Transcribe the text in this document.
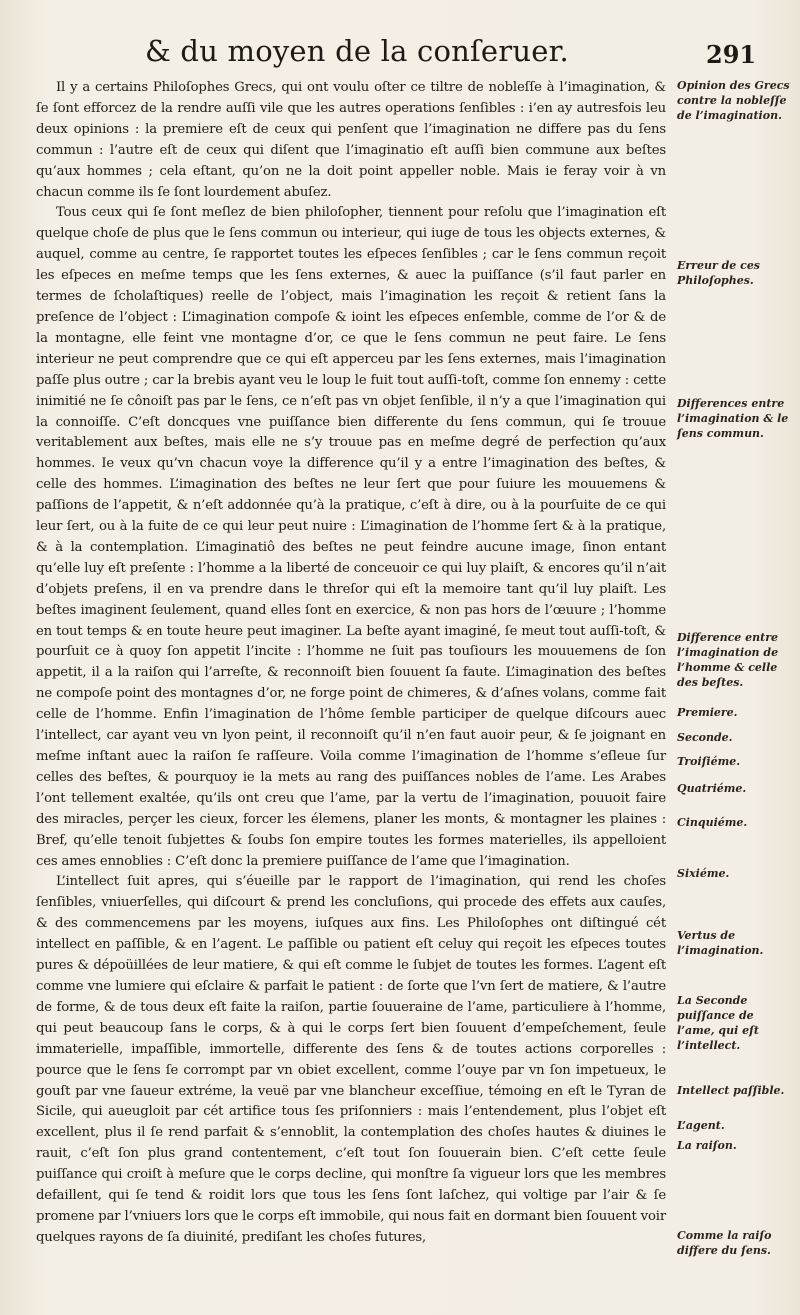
& du moyen de la conſeruer.	291

Il y a certains Philoſophes Grecs, qui ont voulu oſter ce tiltre de nobleſſe à l’imagination, & ſe ſont efforcez de la rendre auſſi vile que les autres operations ſenſibles : i’en ay autresfois leu deux opinions : la premiere eſt de ceux qui penſent que l’imagination ne differe pas du ſens commun : l’autre eſt de ceux qui diſent que l’imaginatio eſt auſſi bien commune aux beſtes qu’aux hommes ; cela eſtant, qu’on ne la doit point appeller noble. Mais ie feray voir à vn chacun comme ils ſe ſont lourdement abuſez.

Tous ceux qui ſe ſont meſlez de bien philoſopher, tiennent pour reſolu que l’imagination eſt quelque choſe de plus que le ſens commun ou interieur, qui iuge de tous les objects externes, & auquel, comme au centre, ſe rapportet toutes les eſpeces ſenſibles ; car le ſens commun reçoit les eſpeces en meſme temps que les ſens externes, & auec la puiſſance (s’il faut parler en termes de ſcholaſtiques) reelle de l’object, mais l’imagination les reçoit & retient ſans la preſence de l’object : L’imagination compoſe & ioint les eſpeces enſemble, comme de l’or & de la montagne, elle feint vne montagne d’or, ce que le ſens commun ne peut faire. Le ſens interieur ne peut comprendre que ce qui eſt apperceu par les ſens externes, mais l’imagination paſſe plus outre ; car la brebis ayant veu le loup le fuit tout auſſi-toſt, comme ſon ennemy : cette inimitié ne ſe cônoiſt pas par le ſens, ce n’eſt pas vn objet ſenſible, il n’y a que l’imagination qui la connoiſſe. C’eſt doncques vne puiſſance bien differente du ſens commun, qui ſe trouue veritablement aux beſtes, mais elle ne s’y trouue pas en meſme degré de perfection qu’aux hommes. Ie veux qu’vn chacun voye la difference qu’il y a entre l’imagination des beſtes, & celle des hommes. L’imagination des beſtes ne leur ſert que pour ſuiure les mouuemens & paſſions de l’appetit, & n’eſt addonnée qu’à la pratique, c’eſt à dire, ou à la pourſuite de ce qui leur ſert, ou à la fuite de ce qui leur peut nuire : L’imagination de l’homme ſert & à la pratique, & à la contemplation. L’imaginatiô des beſtes ne peut feindre aucune image, ſinon entant qu’elle luy eſt preſente : l’homme a la liberté de conceuoir ce qui luy plaiſt, & encores qu’il n’ait d’objets preſens, il en va prendre dans le threſor qui eſt la memoire tant qu’il luy plaiſt. Les beſtes imaginent ſeulement, quand elles ſont en exercice, & non pas hors de l’œuure ; l’homme en tout temps & en toute heure peut imaginer. La beſte ayant imaginé, ſe meut tout auſſi-toſt, & pourſuit ce à quoy ſon appetit l’incite : l’homme ne ſuit pas touſiours les mouuemens de ſon appetit, il a la raiſon qui l’arreſte, & reconnoiſt bien ſouuent ſa faute. L’imagination des beſtes ne compoſe point des montagnes d’or, ne forge point de chimeres, & d’aſnes volans, comme fait celle de l’homme. Enfin l’imagination de l’hôme ſemble participer de quelque diſcours auec l’intellect, car ayant veu vn lyon peint, il reconnoiſt qu’il n’en faut auoir peur, & ſe joignant en meſme inſtant auec la raiſon ſe raſſeure. Voila comme l’imagination de l’homme s’eſleue ſur celles des beſtes, & pourquoy ie la mets au rang des puiſſances nobles de l’ame. Les Arabes l’ont tellement exaltée, qu’ils ont creu que l’ame, par la vertu de l’imagination, pouuoit faire des miracles, perçer les cieux, forcer les élemens, planer les monts, & montagner les plaines : Bref, qu’elle tenoit ſubjettes & ſoubs ſon empire toutes les formes materielles, ils appelloient ces ames ennoblies : C’eſt donc la premiere puiſſance de l’ame que l’imagination.

L’intellect ſuit apres, qui s’éueille par le rapport de l’imagination, qui rend les choſes ſenſibles, vniuerſelles, qui diſcourt & prend les concluſions, qui procede des effets aux cauſes, & des commencemens par les moyens, iuſques aux fins. Les Philoſophes ont diſtingué cét intellect en paſſible, & en l’agent. Le paſſible ou patient eſt celuy qui reçoit les eſpeces toutes pures & dépoüillées de leur matiere, & qui eſt comme le ſubjet de toutes les formes. L’agent eſt comme vne lumiere qui eſclaire & parfait le patient : de ſorte que l’vn ſert de matiere, & l’autre de forme, & de tous deux eſt faite la raiſon, partie ſouueraine de l’ame, particuliere à l’homme, qui peut beaucoup ſans le corps, & à qui le corps ſert bien ſouuent d’empeſchement, ſeule immaterielle, impaſſible, immortelle, differente des ſens & de toutes actions corporelles : pource que le ſens ſe corrompt par vn obiet excellent, comme l’ouye par vn ſon impetueux, le gouſt par vne ſaueur extréme, la veuë par vne blancheur exceſſiue, témoing en eſt le Tyran de Sicile, qui aueugloit par cét artifice tous ſes priſonniers : mais l’entendement, plus l’objet eſt excellent, plus il ſe rend parfait & s’ennoblit, la contemplation des choſes hautes & diuines le rauit, c’eſt ſon plus grand contentement, c’eſt tout ſon ſouuerain bien. C’eſt cette ſeule puiſſance qui croiſt à meſure que le corps decline, qui monſtre ſa vigueur lors que les membres defaillent, qui ſe tend & roidit lors que tous les ſens ſont laſchez, qui voltige par l’air & ſe promene par l’vniuers lors que le corps eſt immobile, qui nous fait en dormant bien ſouuent voir quelques rayons de ſa diuinité, prediſant les choſes futures,

Opinion des Grecs contre la nobleſſe de l’imagination.
Erreur de ces Philoſophes.
Differences entre l’imagination & le ſens commun.
Difference entre l’imagination de l’homme & celle des beſtes.
Premiere.
Seconde.
Troiſiéme.
Quatriéme.
Cinquiéme.
Sixiéme.
Vertus de l’imagination.
La Seconde puiſſance de l’ame, qui eſt l’intellect.
Intellect paſſible.
L’agent.
La raiſon.
Comme la raiſo differe du ſens.
